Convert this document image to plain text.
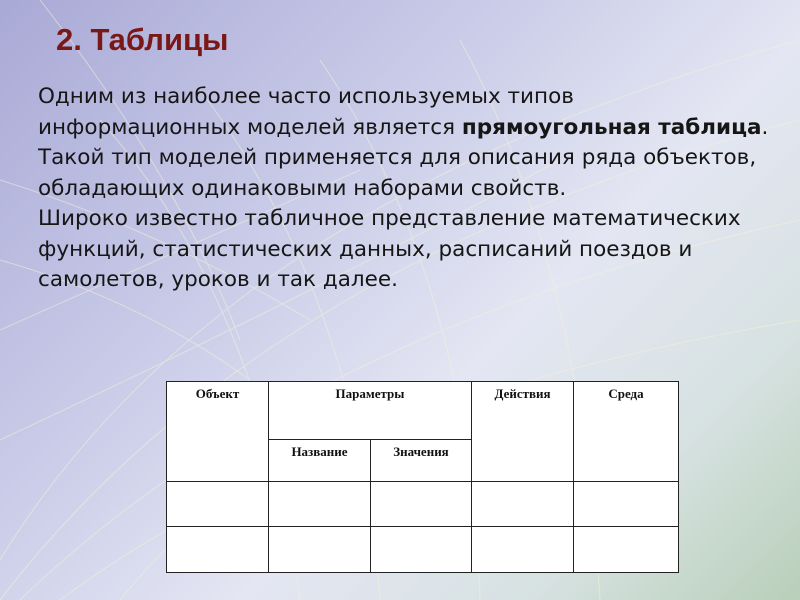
2. Таблицы

Одним из наиболее часто используемых типов информационных моделей является прямоугольная таблица.

Такой тип моделей применяется для описания ряда объектов, обладающих одинаковыми наборами свойств.

Широко известно табличное представление математических функций, статистических данных, расписаний поездов и самолетов, уроков и так далее.

Объект	Параметры		Действия	Среда
	Название	Значения		
